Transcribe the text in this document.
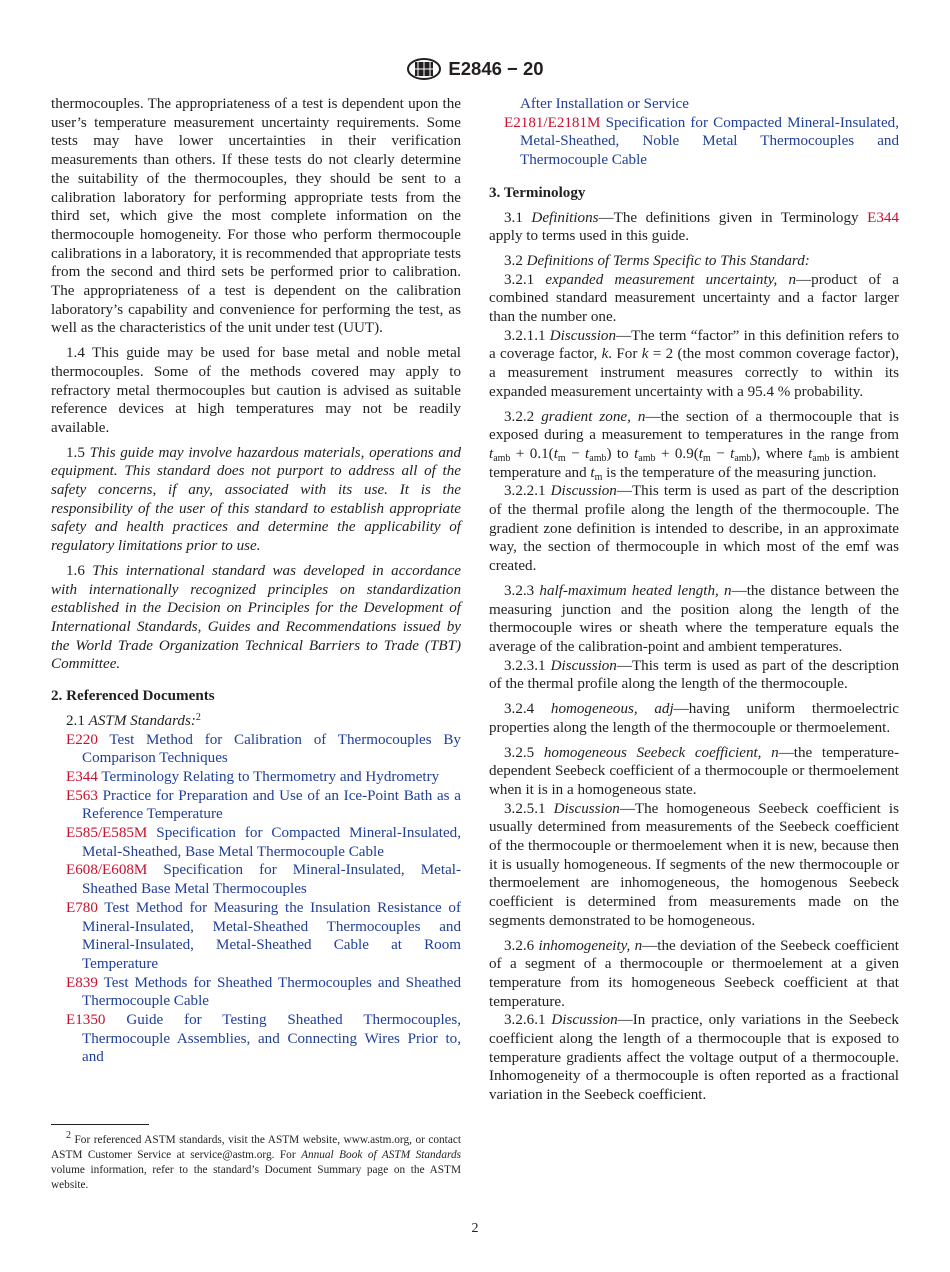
E2846 − 20

thermocouples. The appropriateness of a test is dependent upon the user’s temperature measurement uncertainty requirements. Some tests may have lower uncertainties in their verification measurements than others. If these tests do not clearly determine the suitability of the thermocouples, they should be sent to a calibration laboratory for performing appropriate tests from the third set, which give the most complete information on the thermocouple homogeneity. For those who perform thermocouple calibrations in a laboratory, it is recommended that appropriate tests from the second and third sets be performed prior to calibration. The appropriateness of a test is dependent on the calibration laboratory’s capability and convenience for performing the test, as well as the characteristics of the unit under test (UUT).

1.4 This guide may be used for base metal and noble metal thermocouples. Some of the methods covered may apply to refractory metal thermocouples but caution is advised as suitable reference devices at high temperatures may not be readily available.

1.5 This guide may involve hazardous materials, operations and equipment. This standard does not purport to address all of the safety concerns, if any, associated with its use. It is the responsibility of the user of this standard to establish appropriate safety and health practices and determine the applicability of regulatory limitations prior to use.

1.6 This international standard was developed in accordance with internationally recognized principles on standardization established in the Decision on Principles for the Development of International Standards, Guides and Recommendations issued by the World Trade Organization Technical Barriers to Trade (TBT) Committee.

2. Referenced Documents

2.1 ASTM Standards:$^2$

E220 Test Method for Calibration of Thermocouples By Comparison Techniques

E344 Terminology Relating to Thermometry and Hydrometry

E563 Practice for Preparation and Use of an Ice-Point Bath as a Reference Temperature

E585/E585M Specification for Compacted Mineral-Insulated, Metal-Sheathed, Base Metal Thermocouple Cable

E608/E608M Specification for Mineral-Insulated, Metal-Sheathed Base Metal Thermocouples

E780 Test Method for Measuring the Insulation Resistance of Mineral-Insulated, Metal-Sheathed Thermocouples and Mineral-Insulated, Metal-Sheathed Cable at Room Temperature

E839 Test Methods for Sheathed Thermocouples and Sheathed Thermocouple Cable

E1350 Guide for Testing Sheathed Thermocouples, Thermocouple Assemblies, and Connecting Wires Prior to, and

After Installation or Service

E2181/E2181M Specification for Compacted Mineral-Insulated, Metal-Sheathed, Noble Metal Thermocouples and Thermocouple Cable

3. Terminology

3.1 Definitions—The definitions given in Terminology E344 apply to terms used in this guide.

3.2 Definitions of Terms Specific to This Standard:

3.2.1 expanded measurement uncertainty, n—product of a combined standard measurement uncertainty and a factor larger than the number one.

3.2.1.1 Discussion—The term “factor” in this definition refers to a coverage factor, k. For k = 2 (the most common coverage factor), a measurement instrument measures correctly to within its expanded measurement uncertainty with a 95.4 % probability.

3.2.2 gradient zone, n—the section of a thermocouple that is exposed during a measurement to temperatures in the range from $t_{amb} + 0.1(t_m - t_{amb})$ to $t_{amb} + 0.9(t_m - t_{amb})$, where $t_{amb}$ is ambient temperature and $t_m$ is the temperature of the measuring junction.

3.2.2.1 Discussion—This term is used as part of the description of the thermal profile along the length of the thermocouple. The gradient zone definition is intended to describe, in an approximate way, the section of thermocouple in which most of the emf was created.

3.2.3 half-maximum heated length, n—the distance between the measuring junction and the position along the length of the thermocouple wires or sheath where the temperature equals the average of the calibration-point and ambient temperatures.

3.2.3.1 Discussion—This term is used as part of the description of the thermal profile along the length of the thermocouple.

3.2.4 homogeneous, adj—having uniform thermoelectric properties along the length of the thermocouple or thermoelement.

3.2.5 homogeneous Seebeck coefficient, n—the temperature-dependent Seebeck coefficient of a thermocouple or thermoelement when it is in a homogeneous state.

3.2.5.1 Discussion—The homogeneous Seebeck coefficient is usually determined from measurements of the Seebeck coefficient of the thermocouple or thermoelement when it is new, because then it is usually homogeneous. If segments of the new thermocouple or thermoelement are inhomogeneous, the homogenous Seebeck coefficient is determined from measurements made on the segments demonstrated to be homogeneous.

3.2.6 inhomogeneity, n—the deviation of the Seebeck coefficient of a segment of a thermocouple or thermoelement at a given temperature from its homogeneous Seebeck coefficient at that temperature.

3.2.6.1 Discussion—In practice, only variations in the Seebeck coefficient along the length of a thermocouple that is exposed to temperature gradients affect the voltage output of a thermocouple. Inhomogeneity of a thermocouple is often reported as a fractional variation in the Seebeck coefficient.

$^2$ For referenced ASTM standards, visit the ASTM website, www.astm.org, or contact ASTM Customer Service at service@astm.org. For Annual Book of ASTM Standards volume information, refer to the standard’s Document Summary page on the ASTM website.

2
